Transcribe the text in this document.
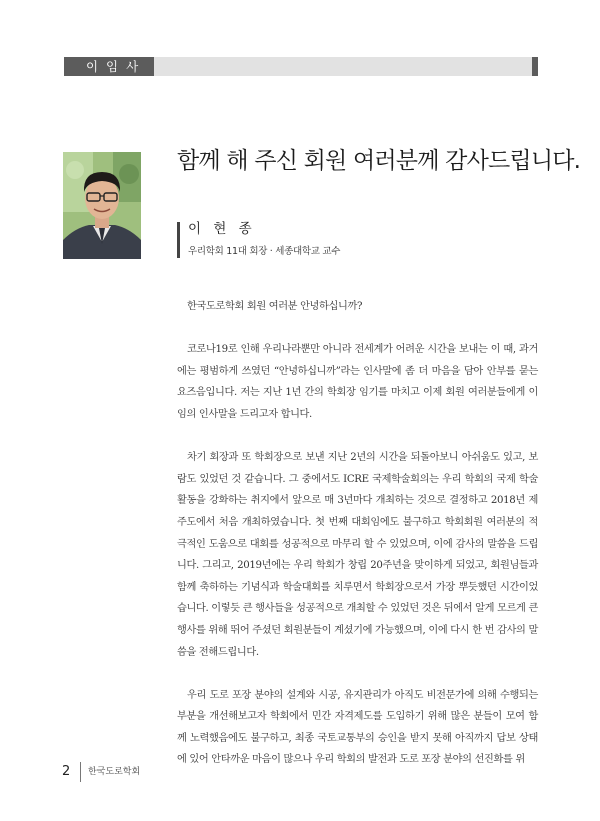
이 임 사
함께 해 주신 회원 여러분께 감사드립니다.
이 현 종
우리학회 11대 회장 · 세종대학교 교수

한국도로학회 회원 여러분 안녕하십니까?

코로나19로 인해 우리나라뿐만 아니라 전세계가 어려운 시간을 보내는 이 때, 과거에는 평범하게 쓰였던 “안녕하십니까”라는 인사말에 좀 더 마음을 담아 안부를 묻는 요즈음입니다. 저는 지난 1년 간의 학회장 임기를 마치고 이제 회원 여러분들에게 이임의 인사말을 드리고자 합니다.

차기 회장과 또 학회장으로 보낸 지난 2년의 시간을 되돌아보니 아쉬움도 있고, 보람도 있었던 것 같습니다. 그 중에서도 ICRE 국제학술회의는 우리 학회의 국제 학술활동을 강화하는 취지에서 앞으로 매 3년마다 개최하는 것으로 결정하고 2018년 제주도에서 처음 개최하였습니다. 첫 번째 대회임에도 불구하고 학회회원 여러분의 적극적인 도움으로 대회를 성공적으로 마무리 할 수 있었으며, 이에 감사의 말씀을 드립니다. 그리고, 2019년에는 우리 학회가 창립 20주년을 맞이하게 되었고, 회원님들과 함께 축하하는 기념식과 학술대회를 치루면서 학회장으로서 가장 뿌듯했던 시간이었습니다. 이렇듯 큰 행사들을 성공적으로 개최할 수 있었던 것은 뒤에서 알게 모르게 큰 행사를 위해 뛰어 주셨던 회원분들이 계셨기에 가능했으며, 이에 다시 한 번 감사의 말씀을 전해드립니다.

우리 도로 포장 분야의 설계와 시공, 유지관리가 아직도 비전문가에 의해 수행되는 부분을 개선해보고자 학회에서 민간 자격제도를 도입하기 위해 많은 분들이 모여 함께 노력했음에도 불구하고, 최종 국토교통부의 승인을 받지 못해 아직까지 답보 상태에 있어 안타까운 마음이 많으나 우리 학회의 발전과 도로 포장 분야의 선진화를 위

2 한국도로학회
